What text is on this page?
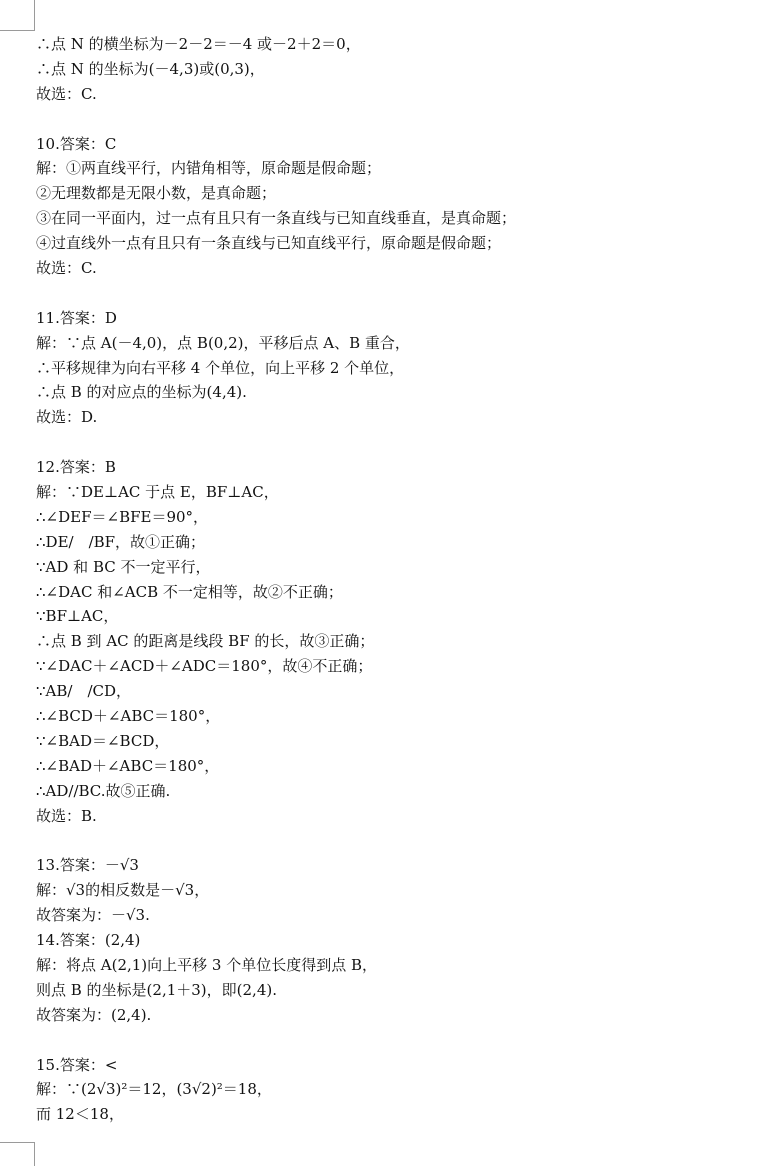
∴点 N 的横坐标为－2－2＝－4 或－2＋2＝0，
∴点 N 的坐标为(－4,3)或(0,3)，
故选：C.
10.答案：C
解：①两直线平行，内错角相等，原命题是假命题；
②无理数都是无限小数，是真命题；
③在同一平面内，过一点有且只有一条直线与已知直线垂直，是真命题；
④过直线外一点有且只有一条直线与已知直线平行，原命题是假命题；
故选：C.
11.答案：D
解：∵点 A(－4,0)，点 B(0,2)，平移后点 A、B 重合，
∴平移规律为向右平移 4 个单位，向上平移 2 个单位，
∴点 B 的对应点的坐标为(4,4).
故选：D.
12.答案：B
解：∵DE⊥AC 于点 E，BF⊥AC，
∴∠DEF＝∠BFE＝90°，
∴DE/　/BF，故①正确；
∵AD 和 BC 不一定平行，
∴∠DAC 和∠ACB 不一定相等，故②不正确；
∵BF⊥AC，
∴点 B 到 AC 的距离是线段 BF 的长，故③正确；
∵∠DAC＋∠ACD＋∠ADC＝180°，故④不正确；
∵AB/　/CD，
∴∠BCD＋∠ABC＝180°，
∵∠BAD＝∠BCD，
∴∠BAD＋∠ABC＝180°，
∴AD//BC.故⑤正确.
故选：B.
13.答案：－√3
解：√3的相反数是－√3，
故答案为：－√3.
14.答案：(2,4)
解：将点 A(2,1)向上平移 3 个单位长度得到点 B，
则点 B 的坐标是(2,1＋3)，即(2,4).
故答案为：(2,4).
15.答案：<
解：∵(2√3)²＝12，(3√2)²＝18，
而 12＜18，
